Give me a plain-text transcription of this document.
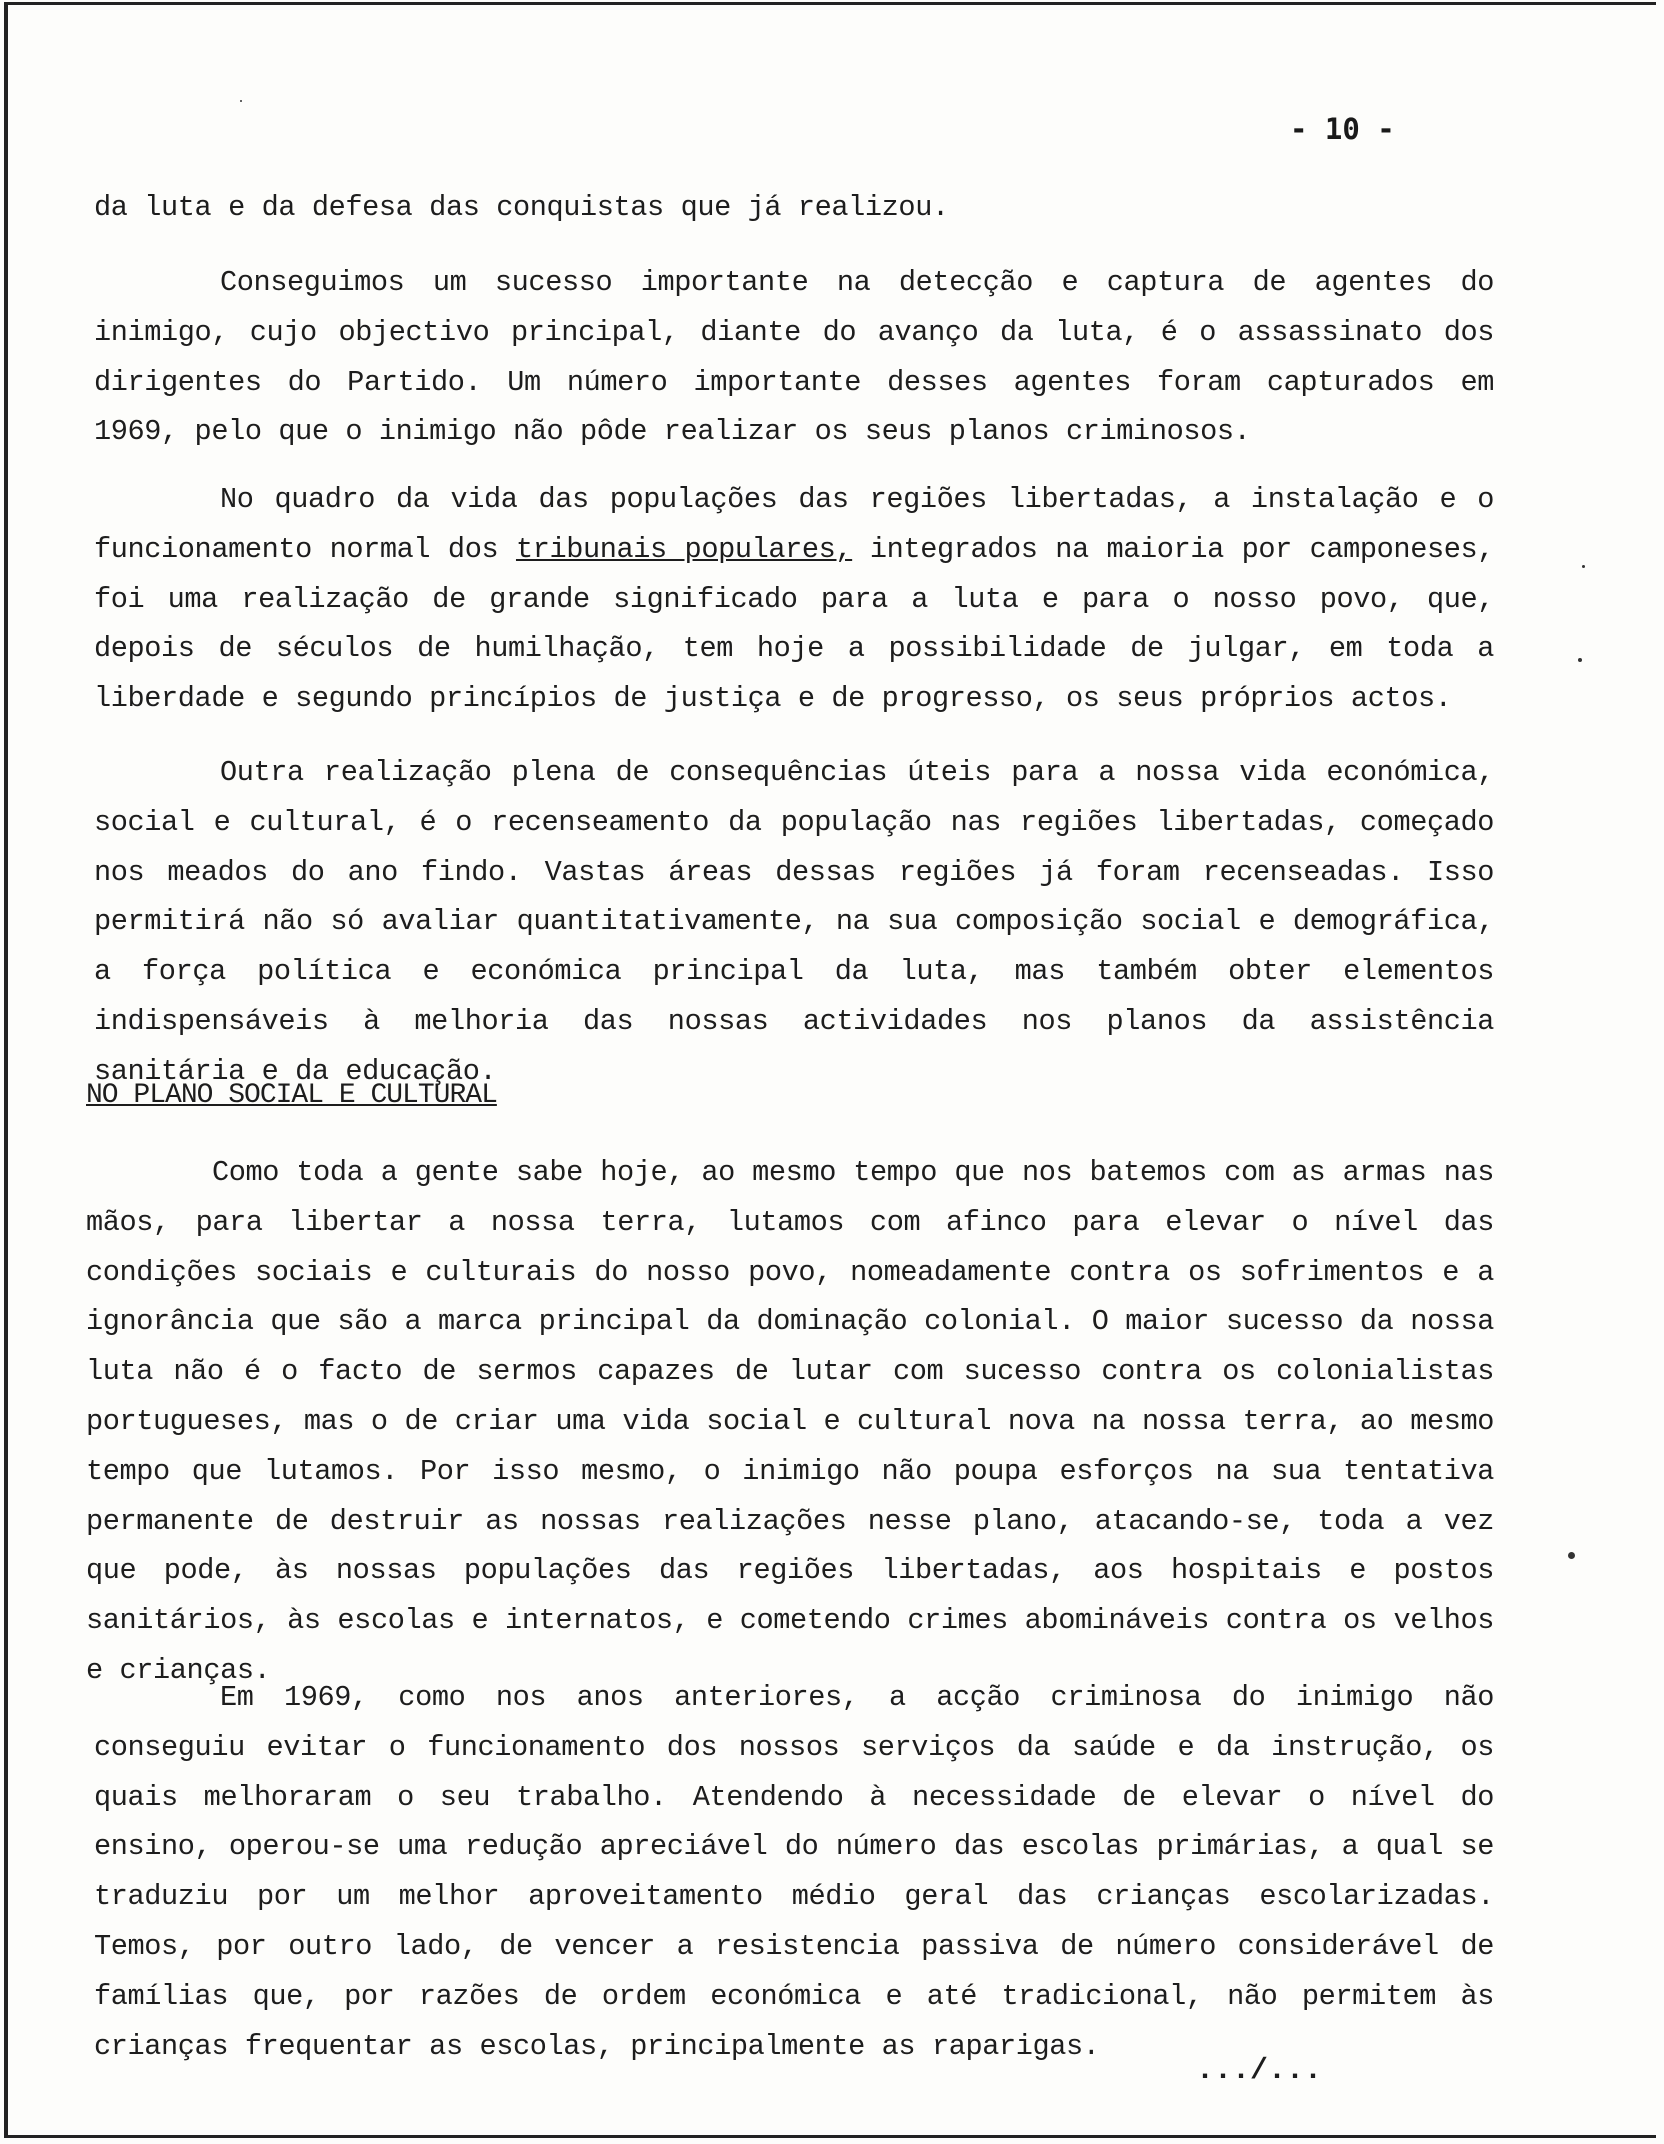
- 10 -

da luta e da defesa das conquistas que já realizou.

Conseguimos um sucesso importante na detecção e captura de agentes do inimigo, cujo objectivo principal, diante do avanço da luta, é o assassinato dos dirigentes do Partido. Um número importante desses agentes foram capturados em 1969, pelo que o inimigo não pôde realizar os seus planos criminosos.

No quadro da vida das populações das regiões libertadas, a instalação e o funcionamento normal dos tribunais populares, integrados na maioria por camponeses, foi uma realização de grande significado para a luta e para o nosso povo, que, depois de séculos de humilhação, tem hoje a possibilidade de julgar, em toda a liberdade e segundo princípios de justiça e de progresso, os seus próprios actos.

Outra realização plena de consequências úteis para a nossa vida económica, social e cultural, é o recenseamento da população nas regiões libertadas, começado nos meados do ano findo. Vastas áreas dessas regiões já foram recenseadas. Isso permitirá não só avaliar quantitativamente, na sua composição social e demográfica, a força política e económica principal da luta, mas também obter elementos indispensáveis à melhoria das nossas actividades nos planos da assistência sanitária e da educação.

NO PLANO SOCIAL E CULTURAL

Como toda a gente sabe hoje, ao mesmo tempo que nos batemos com as armas nas mãos, para libertar a nossa terra, lutamos com afinco para elevar o nível das condições sociais e culturais do nosso povo, nomeadamente contra os sofrimentos e a ignorância que são a marca principal da dominação colonial. O maior sucesso da nossa luta não é o facto de sermos capazes de lutar com sucesso contra os colonialistas portugueses, mas o de criar uma vida social e cultural nova na nossa terra, ao mesmo tempo que lutamos. Por isso mesmo, o inimigo não poupa esforços na sua tentativa permanente de destruir as nossas realizações nesse plano, atacando-se, toda a vez que pode, às nossas populações das regiões libertadas, aos hospitais e postos sanitários, às escolas e internatos, e cometendo crimes abomináveis contra os velhos e crianças.

Em 1969, como nos anos anteriores, a acção criminosa do inimigo não conseguiu evitar o funcionamento dos nossos serviços da saúde e da instrução, os quais melhoraram o seu trabalho. Atendendo à necessidade de elevar o nível do ensino, operou-se uma redução apreciável do número das escolas primárias, a qual se traduziu por um melhor aproveitamento médio geral das crianças escolarizadas. Temos, por outro lado, de vencer a resistencia passiva de número considerável de famílias que, por razões de ordem económica e até tradicional, não permitem às crianças frequentar as escolas, principalmente as raparigas.

.../...
